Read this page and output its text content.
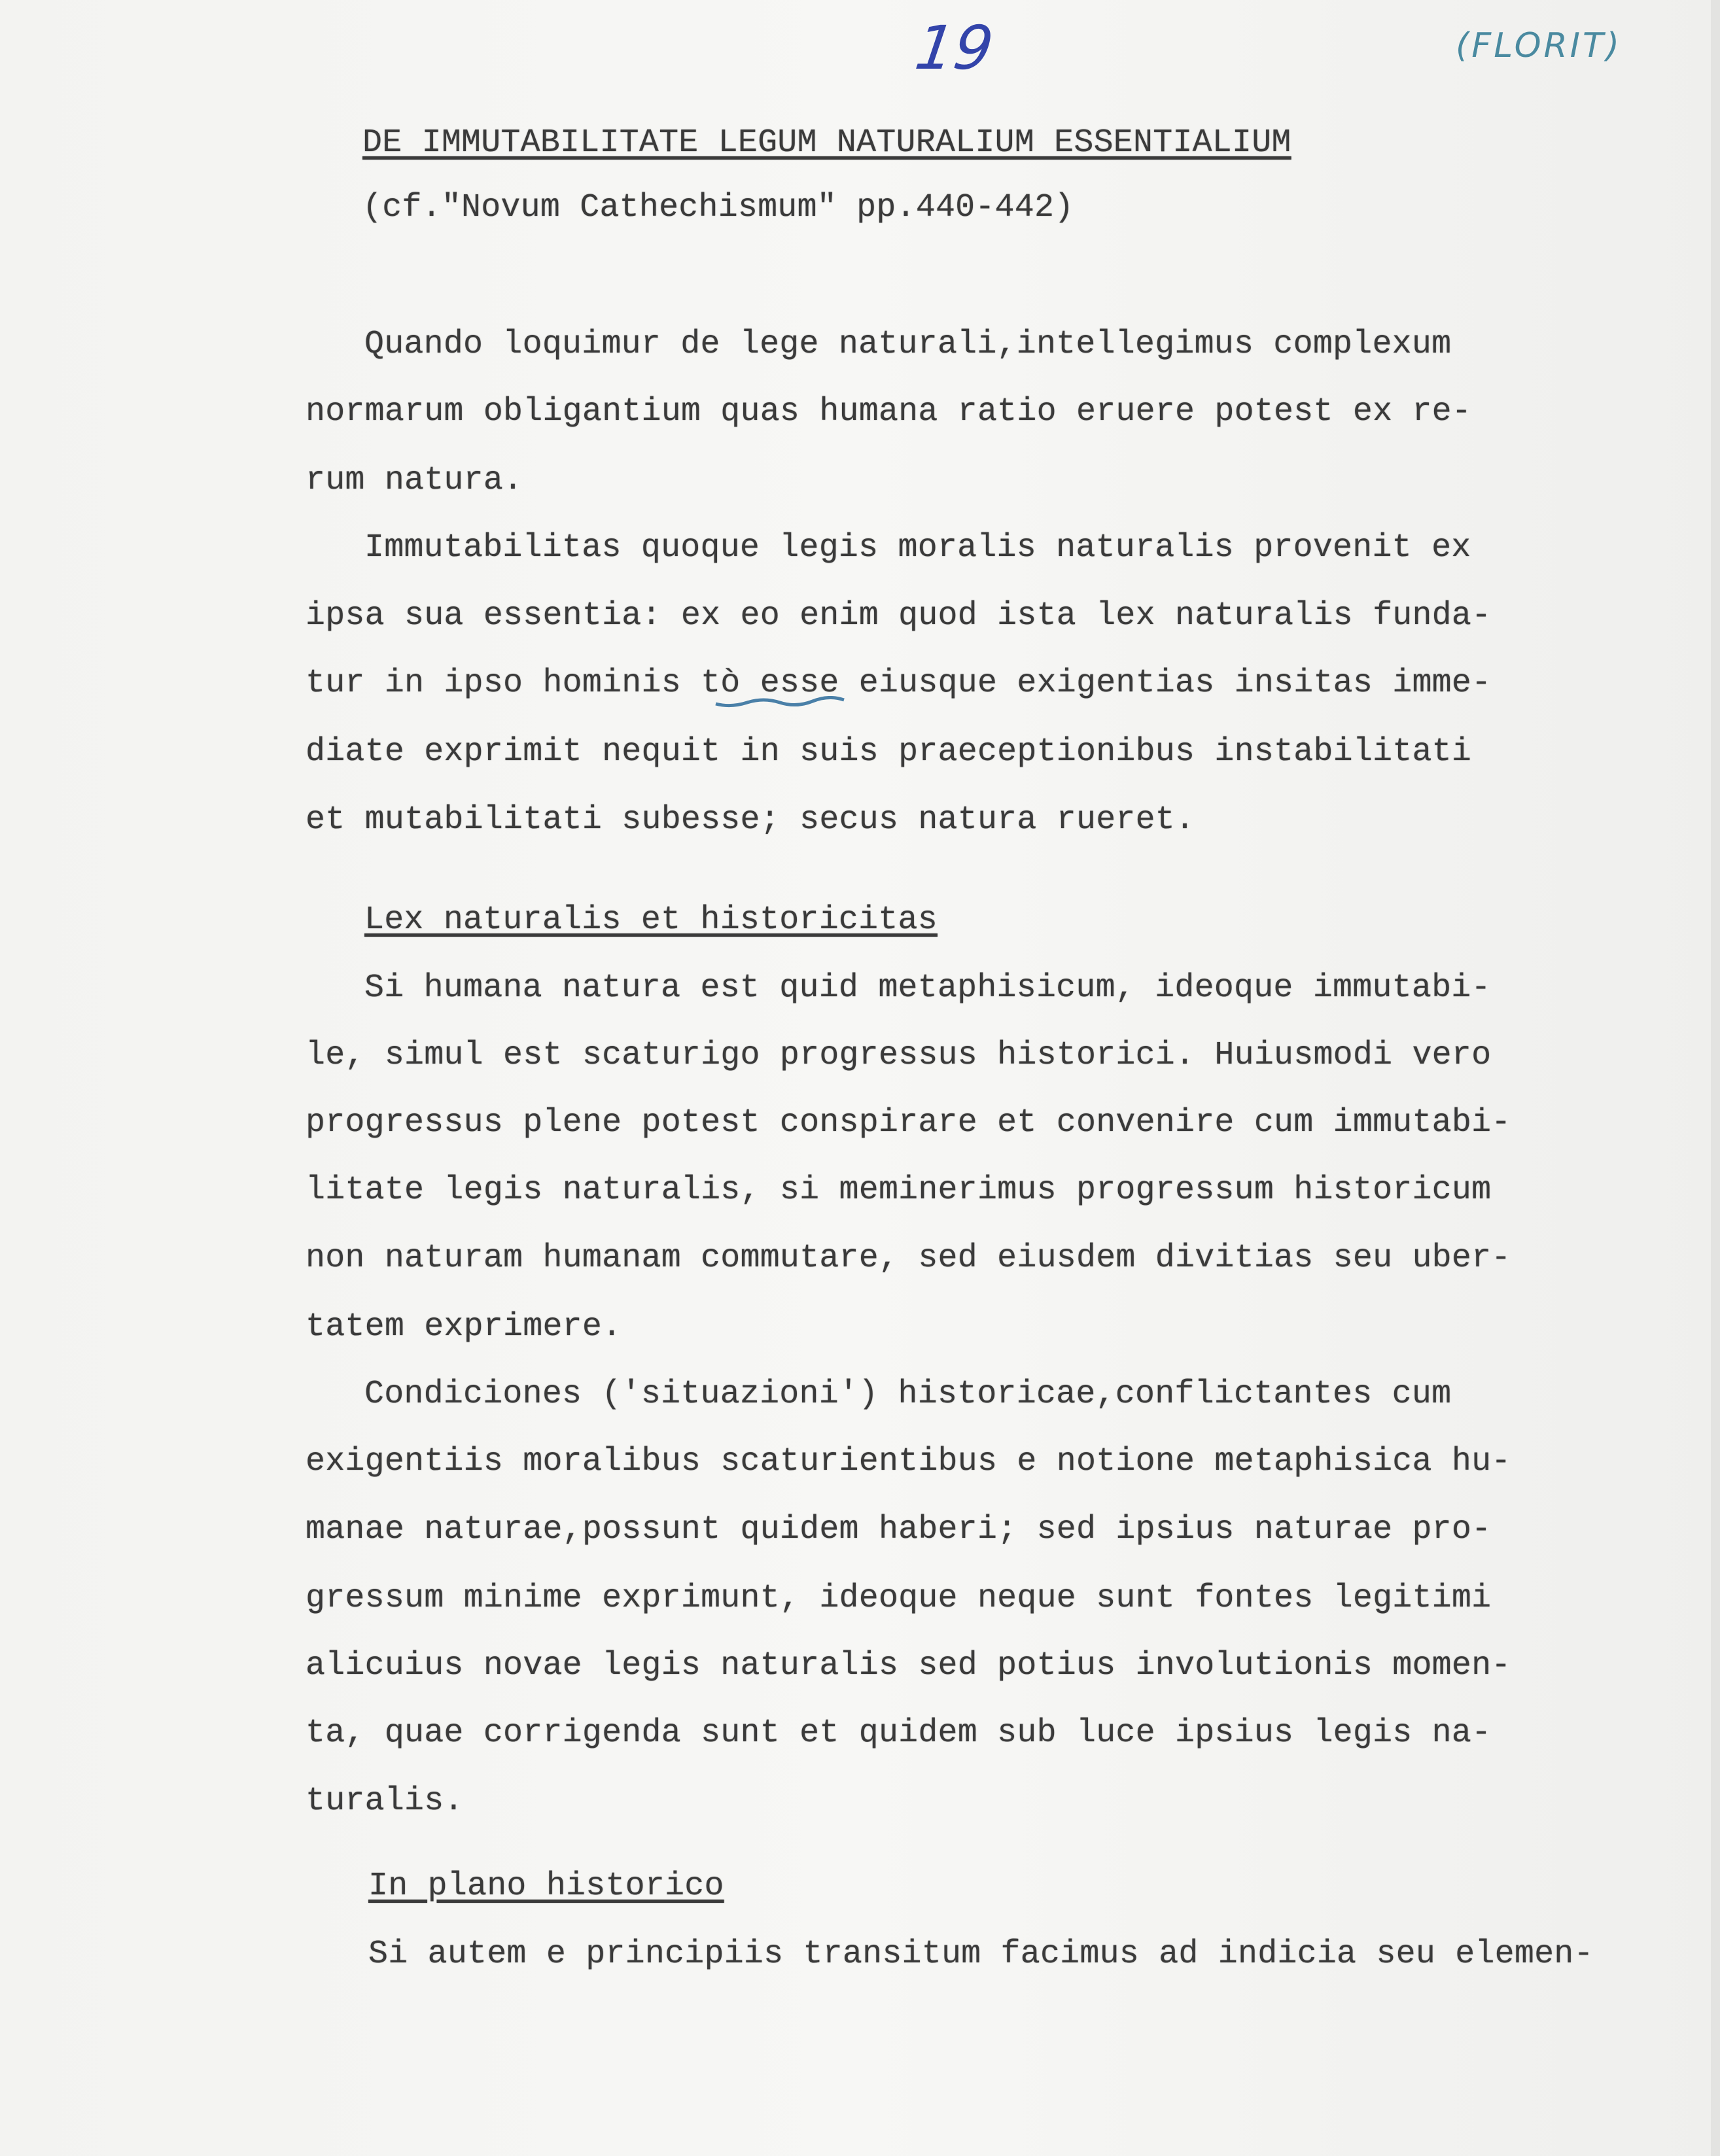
19	(FLORIT)
DE IMMUTABILITATE LEGUM NATURALIUM ESSENTIALIUM
(cf."Novum Cathechismum" pp.440-442)
Quando loquimur de lege naturali,intellegimus complexum
normarum obligantium quas humana ratio eruere potest ex re-
rum natura.
Immutabilitas quoque legis moralis naturalis provenit ex
ipsa sua essentia: ex eo enim quod ista lex naturalis funda-
tur in ipso hominis tò esse eiusque exigentias insitas imme-
diate exprimit nequit in suis praeceptionibus instabilitati
et mutabilitati subesse; secus natura rueret.
Lex naturalis et historicitas
Si humana natura est quid metaphisicum, ideoque immutabi-
le, simul est scaturigo progressus historici. Huiusmodi vero
progressus plene potest conspirare et convenire cum immutabi-
litate legis naturalis, si meminerimus progressum historicum
non naturam humanam commutare, sed eiusdem divitias seu uber-
tatem exprimere.
Condiciones ('situazioni') historicae,conflictantes cum
exigentiis moralibus scaturientibus e notione metaphisica hu-
manae naturae,possunt quidem haberi; sed ipsius naturae pro-
gressum minime exprimunt, ideoque neque sunt fontes legitimi
alicuius novae legis naturalis sed potius involutionis momen-
ta, quae corrigenda sunt et quidem sub luce ipsius legis na-
turalis.
In plano historico
Si autem e principiis transitum facimus ad indicia seu elemen-
